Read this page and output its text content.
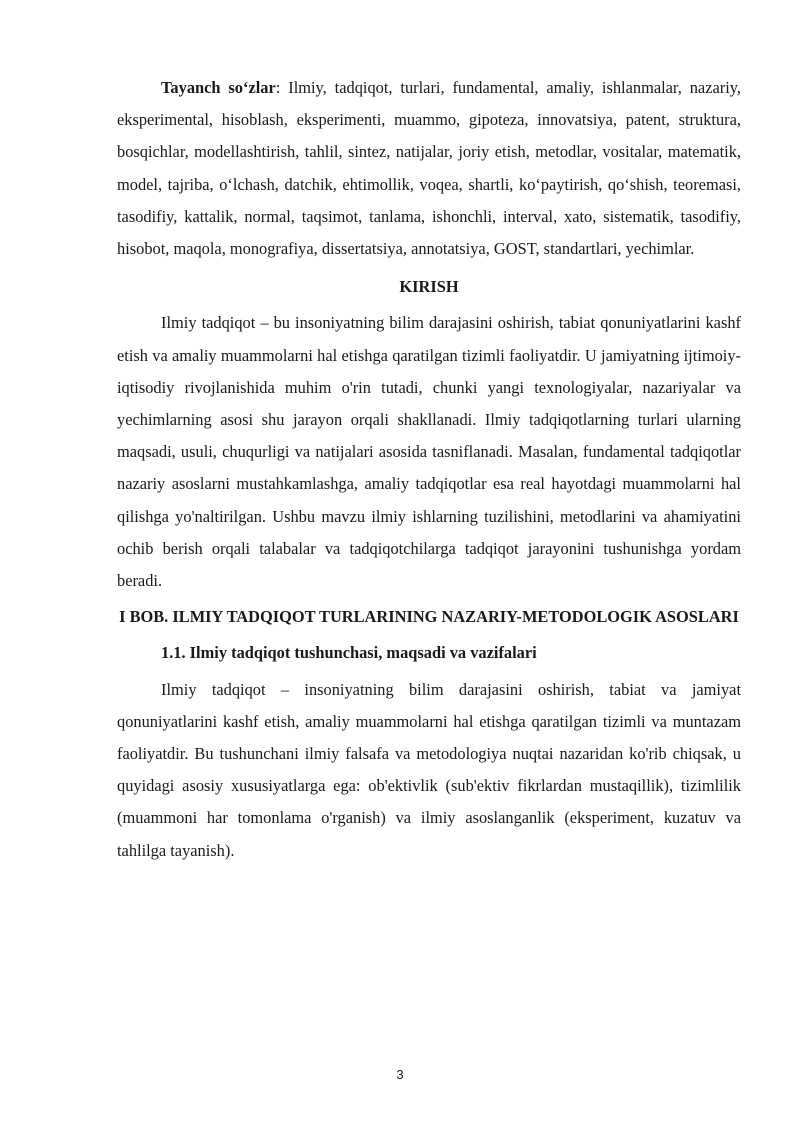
Tayanch so‘zlar: Ilmiy, tadqiqot, turlari, fundamental, amaliy, ishlanmalar, nazariy, eksperimental, hisoblash, eksperimenti, muammo, gipoteza, innovatsiya, patent, struktura, bosqichlar, modellashtirish, tahlil, sintez, natijalar, joriy etish, metodlar, vositalar, matematik, model, tajriba, o‘lchash, datchik, ehtimollik, voqea, shartli, ko‘paytirish, qo‘shish, teoremasi, tasodifiy, kattalik, normal, taqsimot, tanlama, ishonchli, interval, xato, sistematik, tasodifiy, hisobot, maqola, monografiya, dissertatsiya, annotatsiya, GOST, standartlari, yechimlar.

KIRISH

Ilmiy tadqiqot – bu insoniyatning bilim darajasini oshirish, tabiat qonuniyatlarini kashf etish va amaliy muammolarni hal etishga qaratilgan tizimli faoliyatdir. U jamiyatning ijtimoiy-iqtisodiy rivojlanishida muhim o'rin tutadi, chunki yangi texnologiyalar, nazariyalar va yechimlarning asosi shu jarayon orqali shakllanadi. Ilmiy tadqiqotlarning turlari ularning maqsadi, usuli, chuqurligi va natijalari asosida tasniflanadi. Masalan, fundamental tadqiqotlar nazariy asoslarni mustahkamlashga, amaliy tadqiqotlar esa real hayotdagi muammolarni hal qilishga yo'naltirilgan. Ushbu mavzu ilmiy ishlarning tuzilishini, metodlarini va ahamiyatini ochib berish orqali talabalar va tadqiqotchilarga tadqiqot jarayonini tushunishga yordam beradi.

I BOB. ILMIY TADQIQOT TURLARINING NAZARIY-METODOLOGIK ASOSLARI
1.1. Ilmiy tadqiqot tushunchasi, maqsadi va vazifalari

Ilmiy tadqiqot – insoniyatning bilim darajasini oshirish, tabiat va jamiyat qonuniyatlarini kashf etish, amaliy muammolarni hal etishga qaratilgan tizimli va muntazam faoliyatdir. Bu tushunchani ilmiy falsafa va metodologiya nuqtai nazaridan ko'rib chiqsak, u quyidagi asosiy xususiyatlarga ega: ob'ektivlik (sub'ektiv fikrlardan mustaqillik), tizimlilik (muammoni har tomonlama o'rganish) va ilmiy asoslanganlik (eksperiment, kuzatuv va tahlilga tayanish).

3
